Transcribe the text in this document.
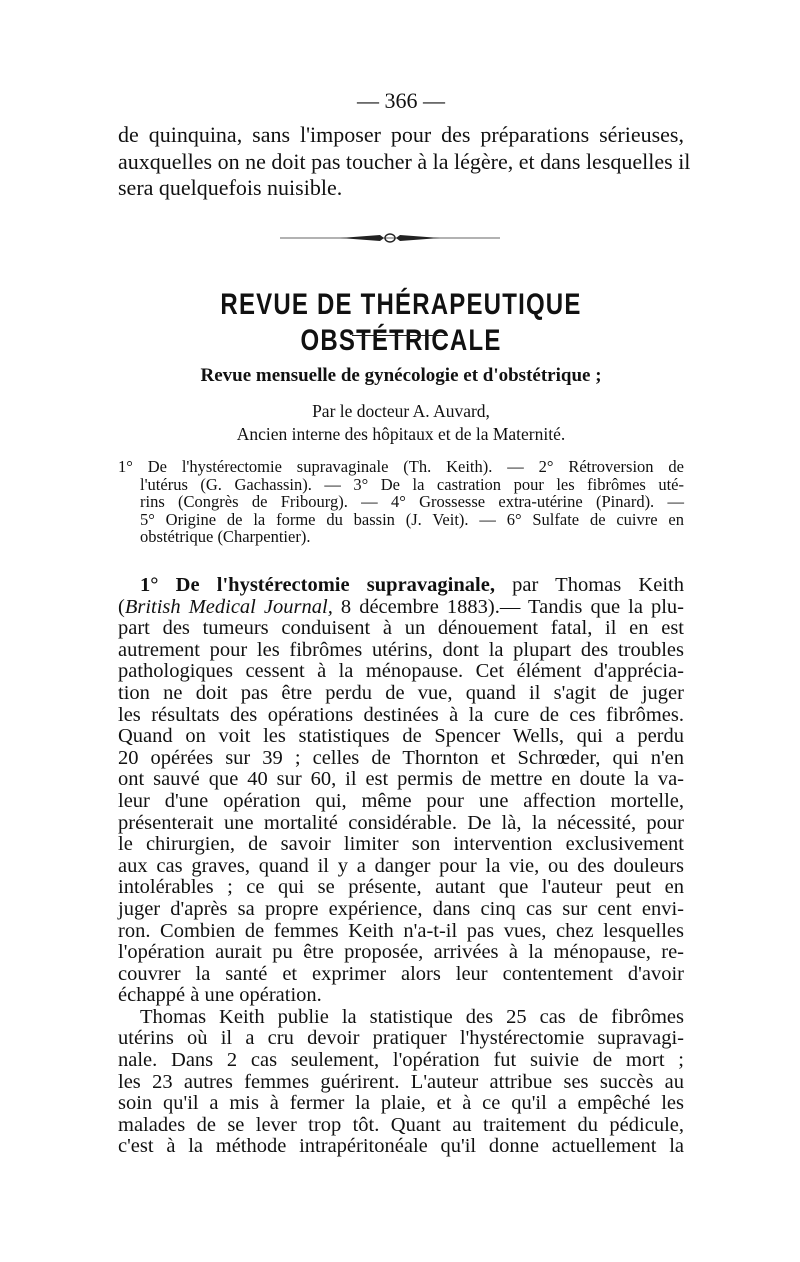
— 366 —
de quinquina, sans l'imposer pour des préparations sérieuses,
auxquelles on ne doit pas toucher à la légère, et dans lesquelles il
sera quelquefois nuisible.
REVUE DE THÉRAPEUTIQUE OBSTÉTRICALE
Revue mensuelle de gynécologie et d'obstétrique ;
Par le docteur A. Auvard,
Ancien interne des hôpitaux et de la Maternité.
1° De l'hystérectomie supravaginale (Th. Keith). — 2° Rétroversion de
l'utérus (G. Gachassin). — 3° De la castration pour les fibrômes uté-
rins (Congrès de Fribourg). — 4° Grossesse extra-utérine (Pinard). —
5° Origine de la forme du bassin (J. Veit). — 6° Sulfate de cuivre en
obstétrique (Charpentier).
1° De l'hystérectomie supravaginale, par Thomas Keith
(British Medical Journal, 8 décembre 1883).— Tandis que la plu-
part des tumeurs conduisent à un dénouement fatal, il en est
autrement pour les fibrômes utérins, dont la plupart des troubles
pathologiques cessent à la ménopause. Cet élément d'apprécia-
tion ne doit pas être perdu de vue, quand il s'agit de juger
les résultats des opérations destinées à la cure de ces fibrômes.
Quand on voit les statistiques de Spencer Wells, qui a perdu
20 opérées sur 39 ; celles de Thornton et Schrœder, qui n'en
ont sauvé que 40 sur 60, il est permis de mettre en doute la va-
leur d'une opération qui, même pour une affection mortelle,
présenterait une mortalité considérable. De là, la nécessité, pour
le chirurgien, de savoir limiter son intervention exclusivement
aux cas graves, quand il y a danger pour la vie, ou des douleurs
intolérables ; ce qui se présente, autant que l'auteur peut en
juger d'après sa propre expérience, dans cinq cas sur cent envi-
ron. Combien de femmes Keith n'a-t-il pas vues, chez lesquelles
l'opération aurait pu être proposée, arrivées à la ménopause, re-
couvrer la santé et exprimer alors leur contentement d'avoir
échappé à une opération.
Thomas Keith publie la statistique des 25 cas de fibrômes
utérins où il a cru devoir pratiquer l'hystérectomie supravagi-
nale. Dans 2 cas seulement, l'opération fut suivie de mort ;
les 23 autres femmes guérirent. L'auteur attribue ses succès au
soin qu'il a mis à fermer la plaie, et à ce qu'il a empêché les
malades de se lever trop tôt. Quant au traitement du pédicule,
c'est à la méthode intrapéritonéale qu'il donne actuellement la
